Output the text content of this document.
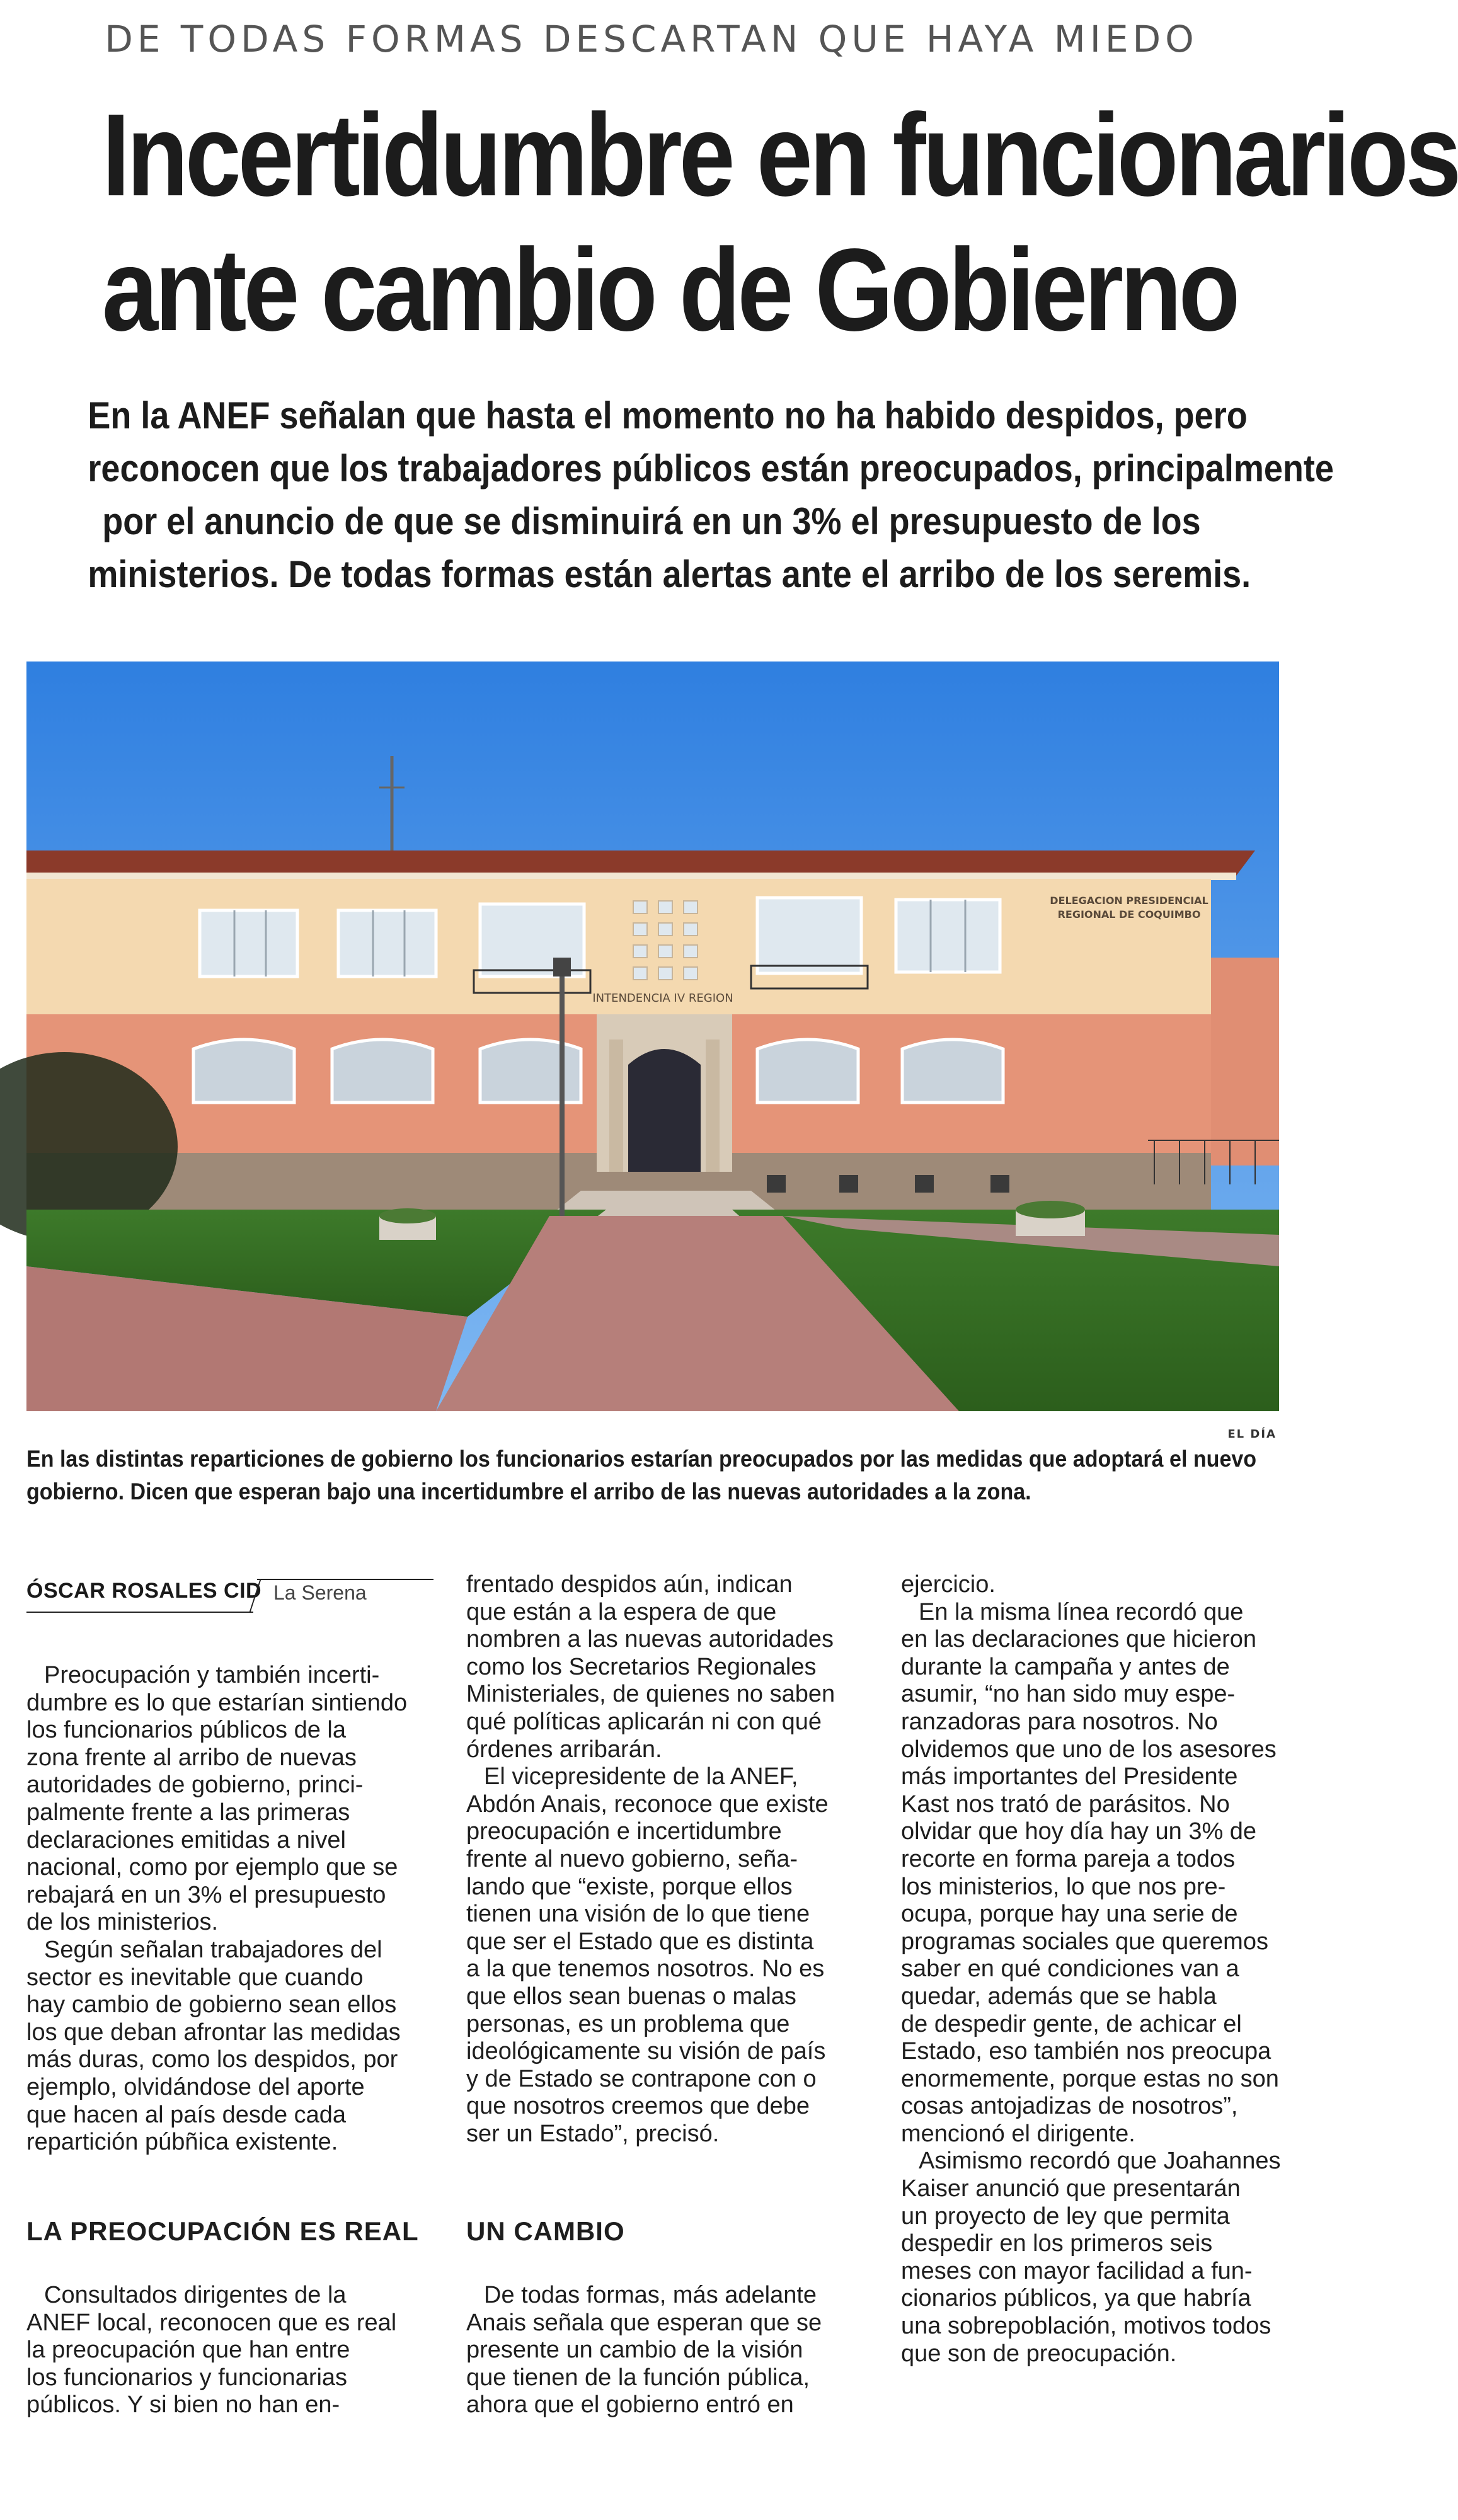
DE TODAS FORMAS DESCARTAN QUE HAYA MIEDO
Incertidumbre en funcionarios
ante cambio de Gobierno
En la ANEF señalan que hasta el momento no ha habido despidos, pero
reconocen que los trabajadores públicos están preocupados, principalmente
por el anuncio de que se disminuirá en un 3% el presupuesto de los
ministerios. De todas formas están alertas ante el arribo de los seremis.
INTENDENCIA IV REGION
DELEGACION PRESIDENCIAL
REGIONAL DE COQUIMBO
EL DÍA
En las distintas reparticiones de gobierno los funcionarios estarían preocupados por las medidas que adoptará el nuevo
gobierno. Dicen que esperan bajo una incertidumbre el arribo de las nuevas autoridades a la zona.
ÓSCAR ROSALES CID La Serena
Preocupación y también incerti-
dumbre es lo que estarían sintiendo
los funcionarios públicos de la
zona frente al arribo de nuevas
autoridades de gobierno, princi-
palmente frente a las primeras
declaraciones emitidas a nivel
nacional, como por ejemplo que se
rebajará en un 3% el presupuesto
de los ministerios.
Según señalan trabajadores del
sector es inevitable que cuando
hay cambio de gobierno sean ellos
los que deban afrontar las medidas
más duras, como los despidos, por
ejemplo, olvidándose del aporte
que hacen al país desde cada
repartición púbñica existente.
LA PREOCUPACIÓN ES REAL
Consultados dirigentes de la
ANEF local, reconocen que es real
la preocupación que han entre
los funcionarios y funcionarias
públicos. Y si bien no han en-
frentado despidos aún, indican
que están a la espera de que
nombren a las nuevas autoridades
como los Secretarios Regionales
Ministeriales, de quienes no saben
qué políticas aplicarán ni con qué
órdenes arribarán.
El vicepresidente de la ANEF,
Abdón Anais, reconoce que existe
preocupación e incertidumbre
frente al nuevo gobierno, seña-
lando que “existe, porque ellos
tienen una visión de lo que tiene
que ser el Estado que es distinta
a la que tenemos nosotros. No es
que ellos sean buenas o malas
personas, es un problema que
ideológicamente su visión de país
y de Estado se contrapone con o
que nosotros creemos que debe
ser un Estado”, precisó.
UN CAMBIO
De todas formas, más adelante
Anais señala que esperan que se
presente un cambio de la visión
que tienen de la función pública,
ahora que el gobierno entró en
ejercicio.
En la misma línea recordó que
en las declaraciones que hicieron
durante la campaña y antes de
asumir, “no han sido muy espe-
ranzadoras para nosotros. No
olvidemos que uno de los asesores
más importantes del Presidente
Kast nos trató de parásitos. No
olvidar que hoy día hay un 3% de
recorte en forma pareja a todos
los ministerios, lo que nos pre-
ocupa, porque hay una serie de
programas sociales que queremos
saber en qué condiciones van a
quedar, además que se habla
de despedir gente, de achicar el
Estado, eso también nos preocupa
enormemente, porque estas no son
cosas antojadizas de nosotros”,
mencionó el dirigente.
Asimismo recordó que Joahannes
Kaiser anunció que presentarán
un proyecto de ley que permita
despedir en los primeros seis
meses con mayor facilidad a fun-
cionarios públicos, ya que habría
una sobrepoblación, motivos todos
que son de preocupación.
